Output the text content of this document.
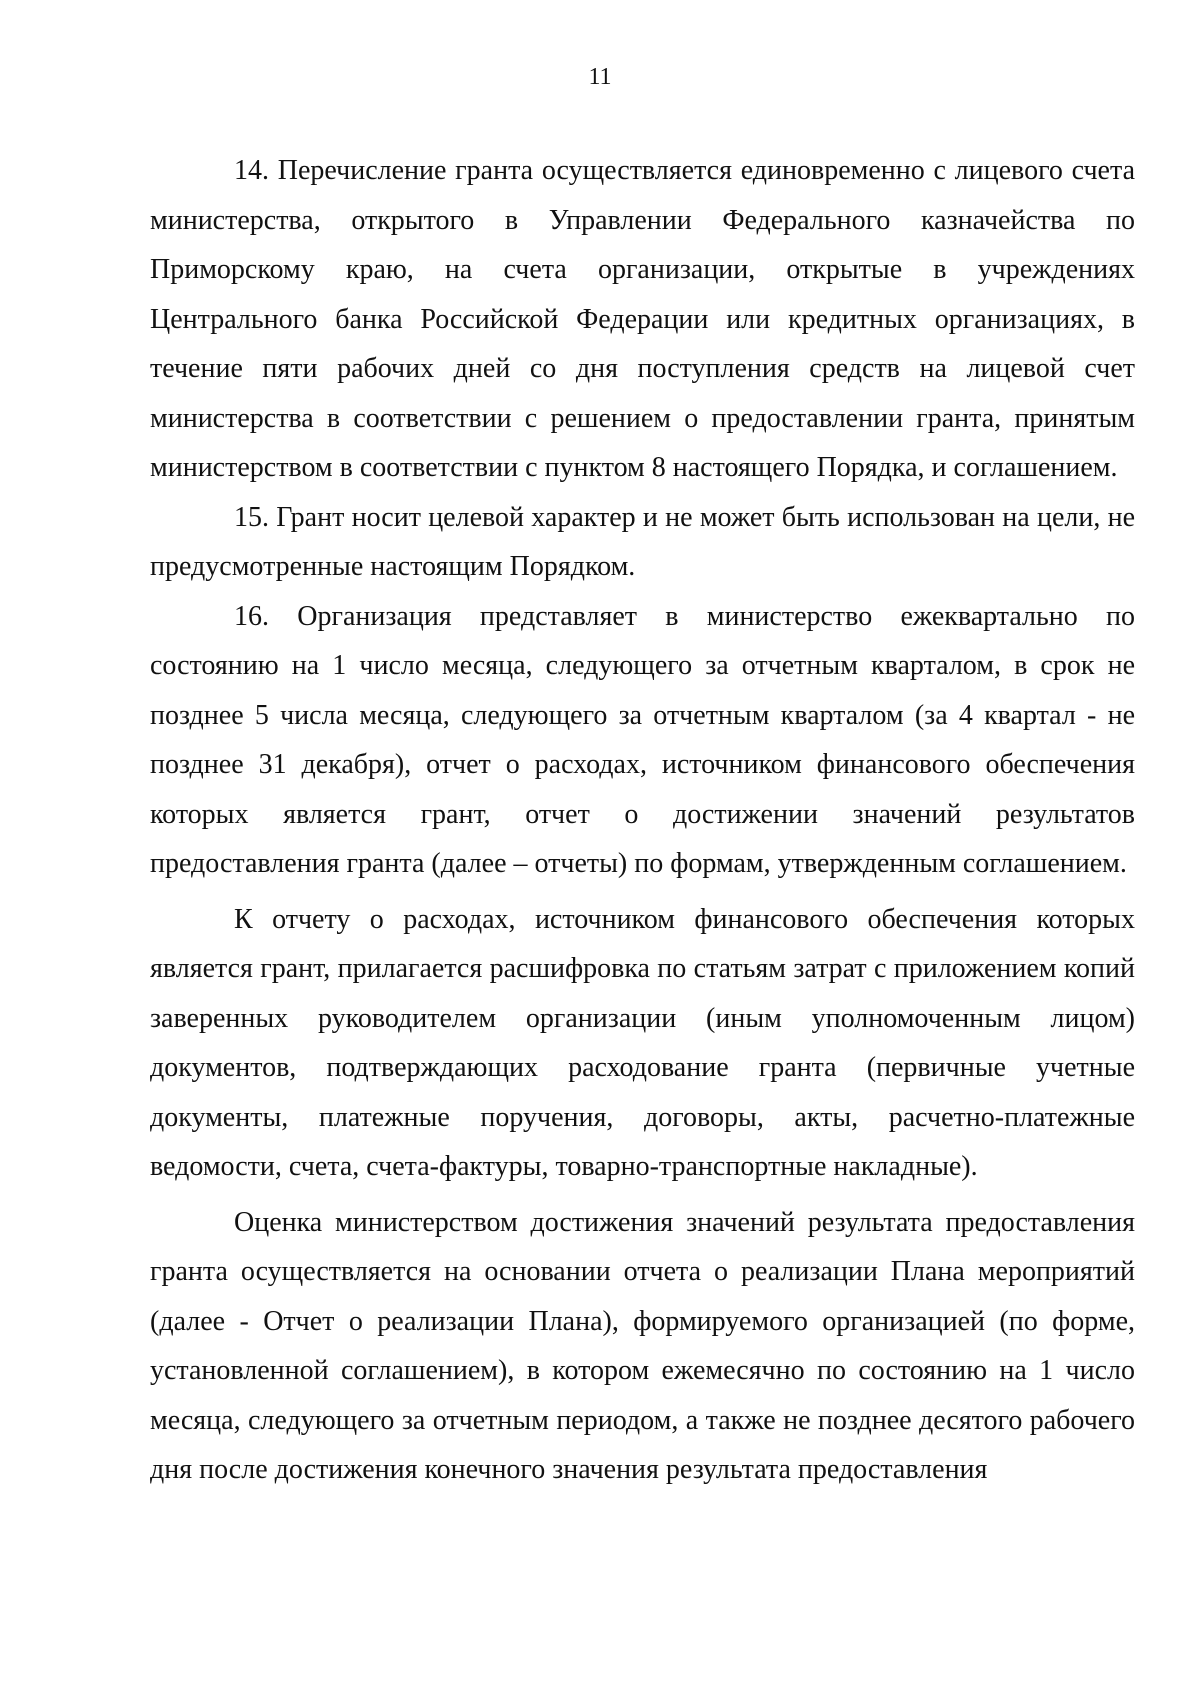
11

14. Перечисление гранта осуществляется единовременно с лицевого счета министерства, открытого в Управлении Федерального казначейства по Приморскому краю, на счета организации, открытые в учреждениях Центрального банка Российской Федерации или кредитных организациях, в течение пяти рабочих дней со дня поступления средств на лицевой счет министерства в соответствии с решением о предоставлении гранта, принятым министерством в соответствии с пунктом 8 настоящего Порядка, и соглашением.

15. Грант носит целевой характер и не может быть использован на цели, не предусмотренные настоящим Порядком.

16. Организация представляет в министерство ежеквартально по состоянию на 1 число месяца, следующего за отчетным кварталом, в срок не позднее 5 числа месяца, следующего за отчетным кварталом (за 4 квартал - не позднее 31 декабря), отчет о расходах, источником финансового обеспечения которых является грант, отчет о достижении значений результатов предоставления гранта (далее – отчеты) по формам, утвержденным соглашением.

К отчету о расходах, источником финансового обеспечения которых является грант, прилагается расшифровка по статьям затрат с приложением копий заверенных руководителем организации (иным уполномоченным лицом) документов, подтверждающих расходование гранта (первичные учетные документы, платежные поручения, договоры, акты, расчетно-платежные ведомости, счета, счета-фактуры, товарно-транспортные накладные).

Оценка министерством достижения значений результата предоставления гранта осуществляется на основании отчета о реализации Плана мероприятий (далее - Отчет о реализации Плана), формируемого организацией (по форме, установленной соглашением), в котором ежемесячно по состоянию на 1 число месяца, следующего за отчетным периодом, а также не позднее десятого рабочего дня после достижения конечного значения результата предоставления
